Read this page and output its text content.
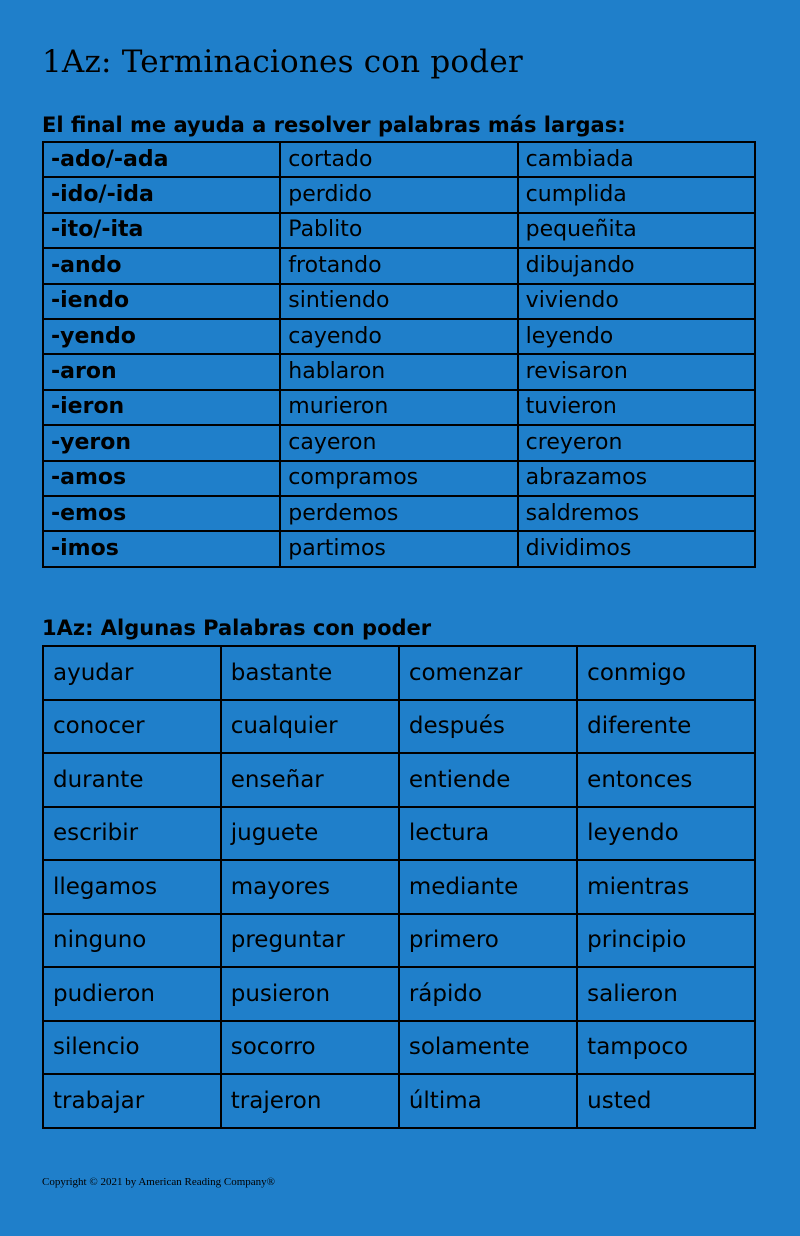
1Az: Terminaciones con poder
El final me ayuda a resolver palabras más largas:
-ado/-ada	cortado	cambiada
-ido/-ida	perdido	cumplida
-ito/-ita	Pablito	pequeñita
-ando	frotando	dibujando
-iendo	sintiendo	viviendo
-yendo	cayendo	leyendo
-aron	hablaron	revisaron
-ieron	murieron	tuvieron
-yeron	cayeron	creyeron
-amos	compramos	abrazamos
-emos	perdemos	saldremos
-imos	partimos	dividimos
1Az: Algunas Palabras con poder
ayudar	bastante	comenzar	conmigo
conocer	cualquier	después	diferente
durante	enseñar	entiende	entonces
escribir	juguete	lectura	leyendo
llegamos	mayores	mediante	mientras
ninguno	preguntar	primero	principio
pudieron	pusieron	rápido	salieron
silencio	socorro	solamente	tampoco
trabajar	trajeron	última	usted
Copyright © 2021 by American Reading Company®
